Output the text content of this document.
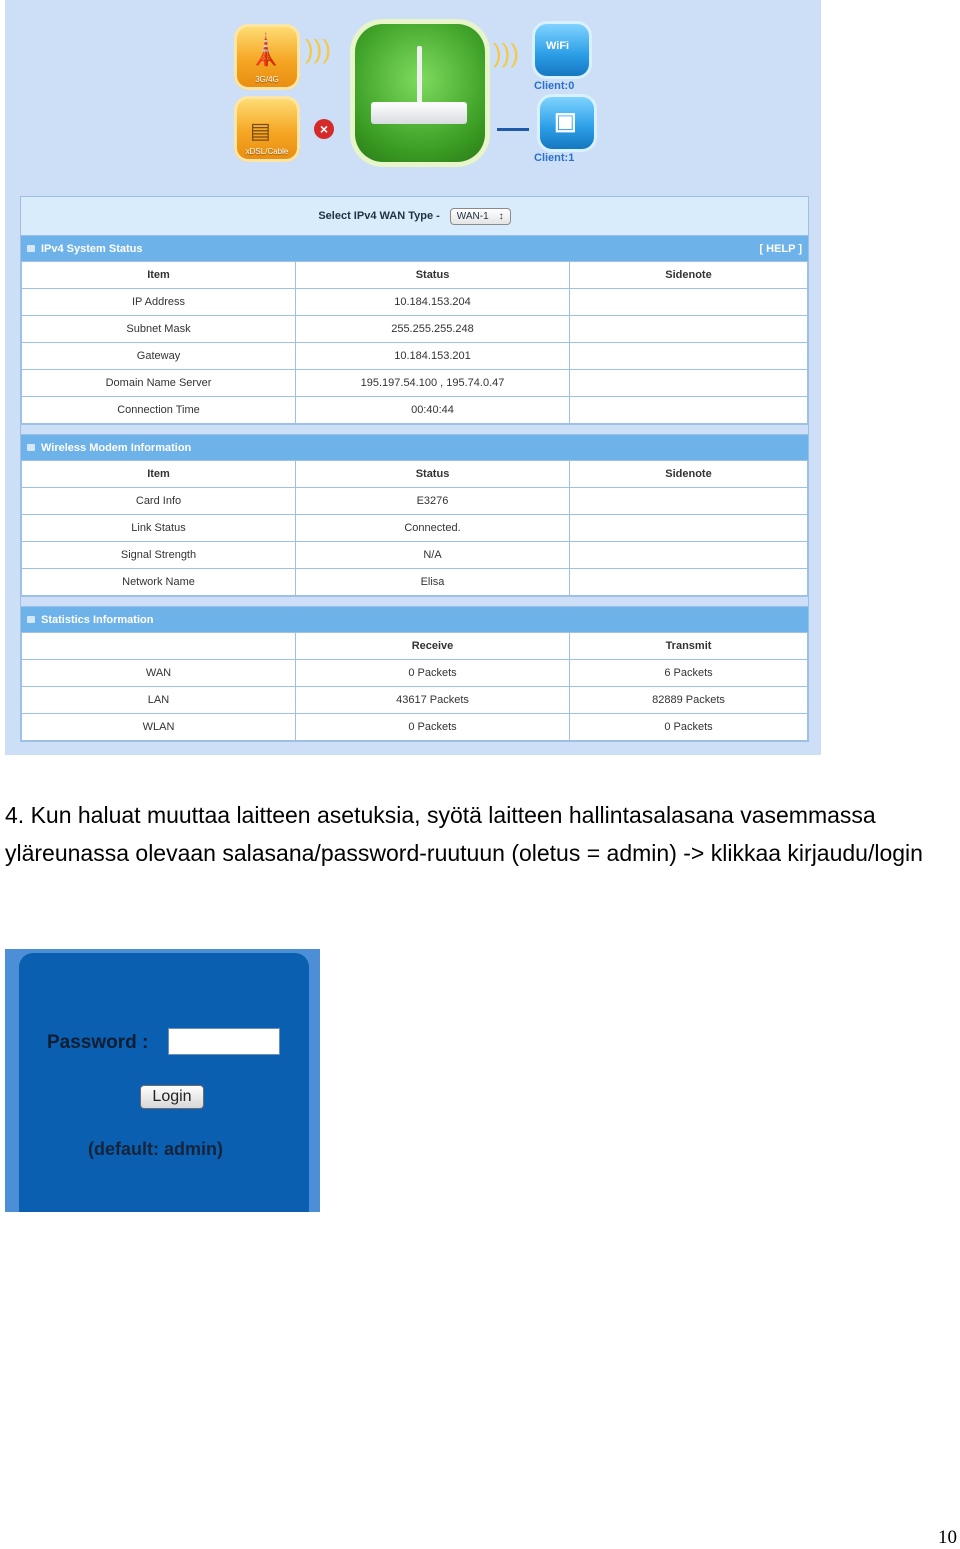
🗼
3G/4G
▤
xDSL/Cable
)))
×
))) WiFi
Client:0
▣
Client:1
Select IPv4 WAN Type - WAN-1 ↕
IPv4 System Status	[ HELP ]
Item	Status	Sidenote
IP Address	10.184.153.204	
Subnet Mask	255.255.255.248	
Gateway	10.184.153.201	
Domain Name Server	195.197.54.100 , 195.74.0.47	
Connection Time	00:40:44	
Wireless Modem Information
Item	Status	Sidenote
Card Info	E3276	
Link Status	Connected.	
Signal Strength	N/A	
Network Name	Elisa	
Statistics Information
	Receive	Transmit
WAN	0 Packets	6 Packets
LAN	43617 Packets	82889 Packets
WLAN	0 Packets	0 Packets

4. Kun haluat muuttaa laitteen asetuksia, syötä laitteen hallintasalasana vasemmassa yläreunassa olevaan salasana/password-ruutuun (oletus = admin) -> klikkaa kirjaudu/login

Password :
Login
(default: admin)
10
